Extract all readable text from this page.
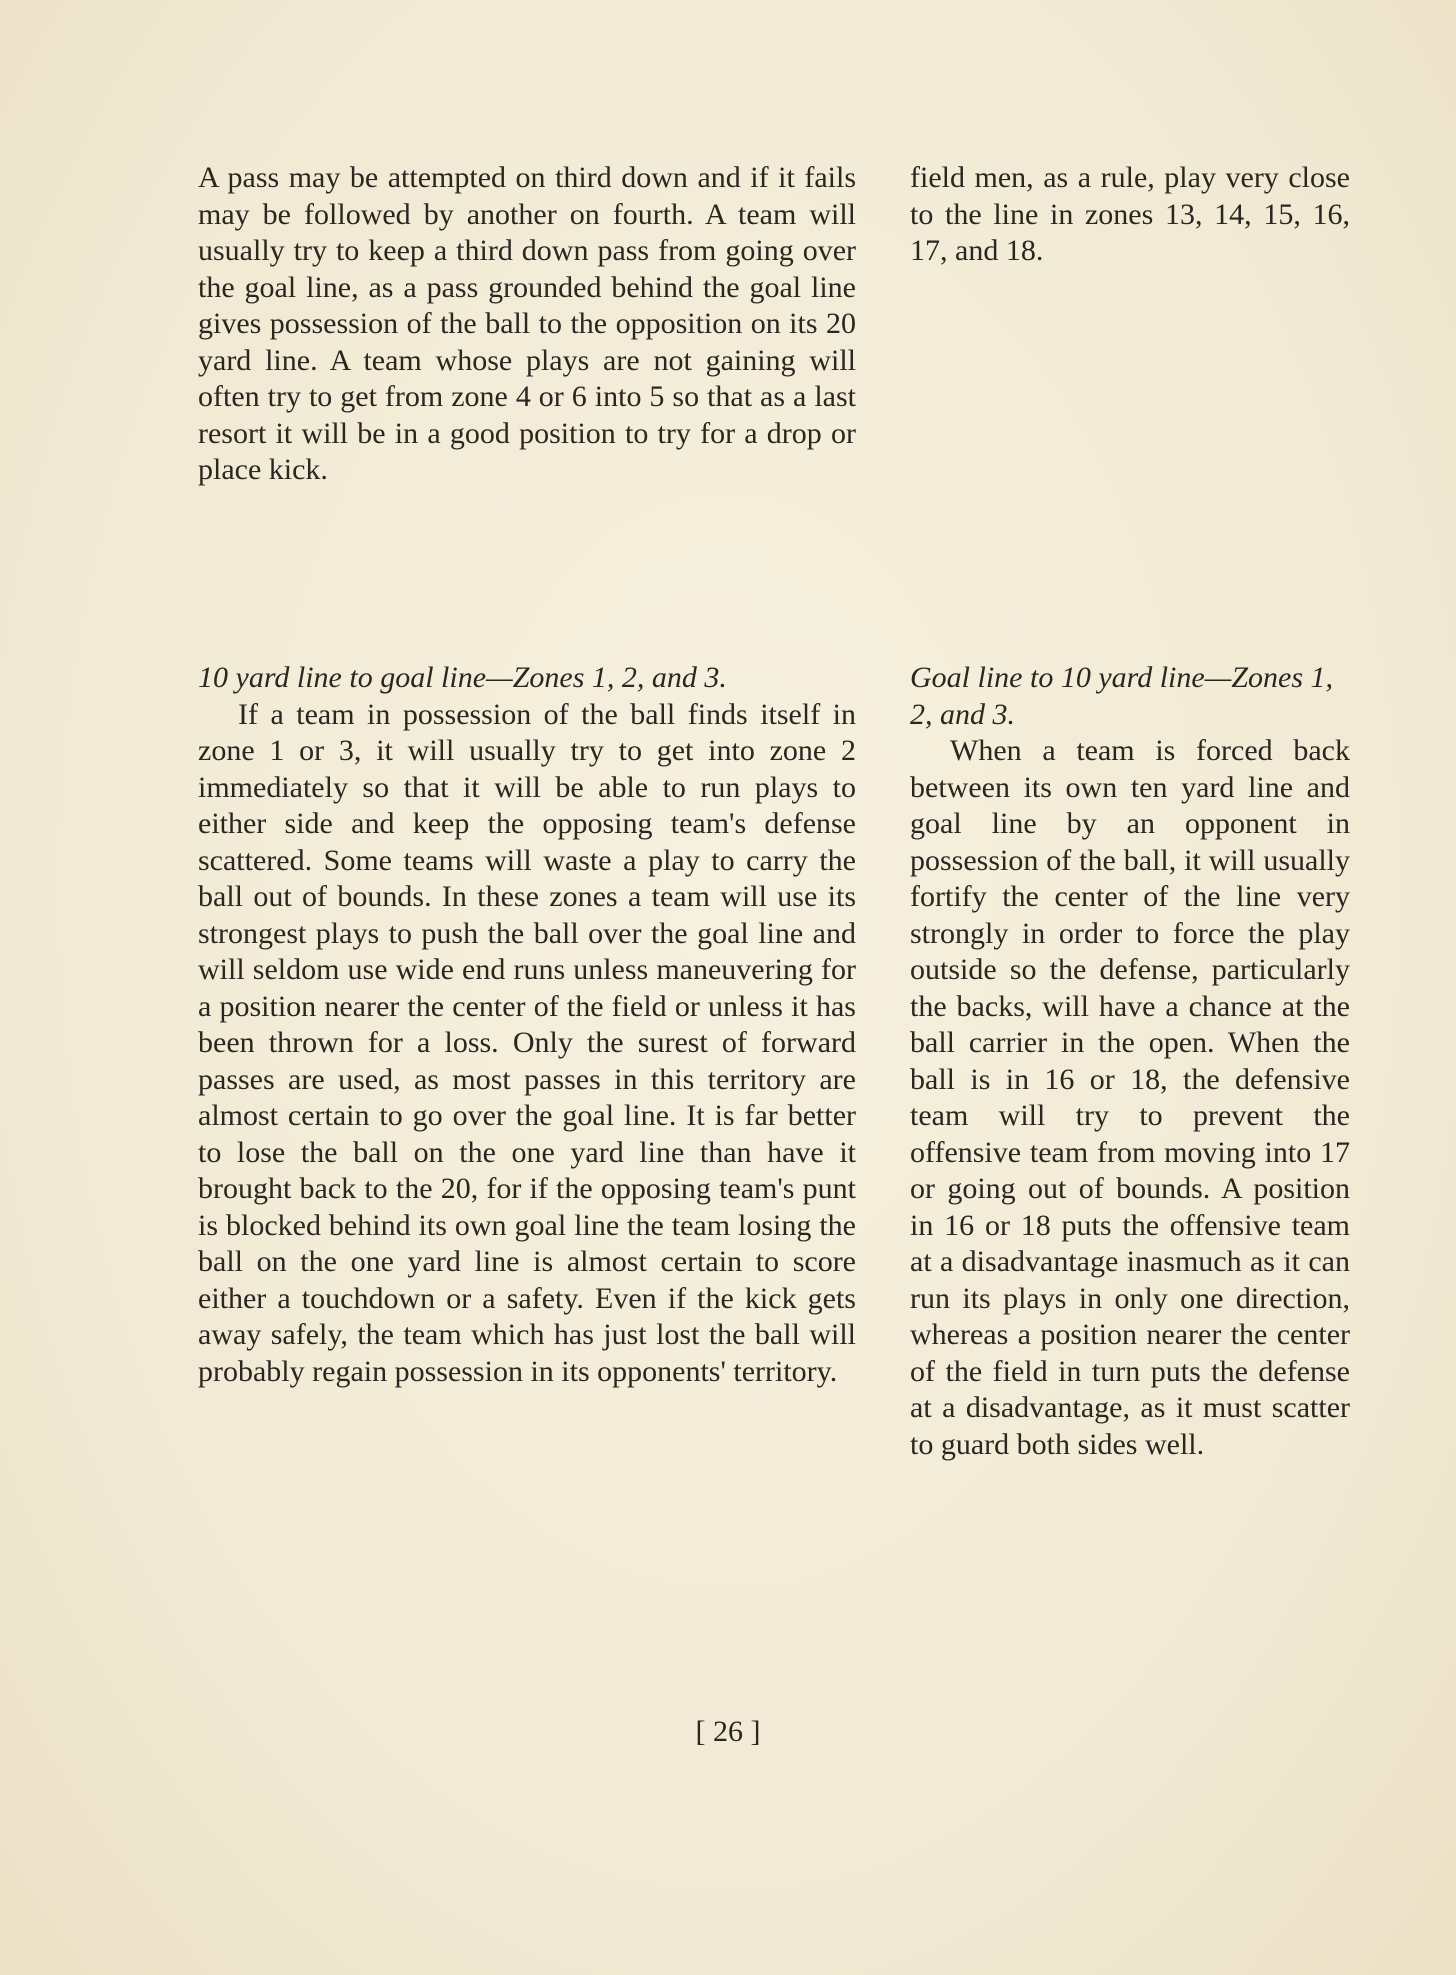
A pass may be attempted on third down and if it fails may be followed by another on fourth. A team will usually try to keep a third down pass from going over the goal line, as a pass grounded behind the goal line gives possession of the ball to the opposition on its 20 yard line. A team whose plays are not gaining will often try to get from zone 4 or 6 into 5 so that as a last resort it will be in a good position to try for a drop or place kick.

field men, as a rule, play very close to the line in zones 13, 14, 15, 16, 17, and 18.

10 yard line to goal line—Zones 1, 2, and 3.

If a team in possession of the ball finds itself in zone 1 or 3, it will usually try to get into zone 2 immediately so that it will be able to run plays to either side and keep the opposing team's defense scattered. Some teams will waste a play to carry the ball out of bounds. In these zones a team will use its strongest plays to push the ball over the goal line and will seldom use wide end runs unless maneuvering for a position nearer the center of the field or unless it has been thrown for a loss. Only the surest of forward passes are used, as most passes in this territory are almost certain to go over the goal line. It is far better to lose the ball on the one yard line than have it brought back to the 20, for if the opposing team's punt is blocked behind its own goal line the team losing the ball on the one yard line is almost certain to score either a touchdown or a safety. Even if the kick gets away safely, the team which has just lost the ball will probably regain possession in its opponents' territory.

Goal line to 10 yard line—Zones 1, 2, and 3.

When a team is forced back between its own ten yard line and goal line by an opponent in possession of the ball, it will usually fortify the center of the line very strongly in order to force the play outside so the defense, particularly the backs, will have a chance at the ball carrier in the open. When the ball is in 16 or 18, the defensive team will try to prevent the offensive team from moving into 17 or going out of bounds. A position in 16 or 18 puts the offensive team at a disadvantage inasmuch as it can run its plays in only one direction, whereas a position nearer the center of the field in turn puts the defense at a disadvantage, as it must scatter to guard both sides well.

[ 26 ]
